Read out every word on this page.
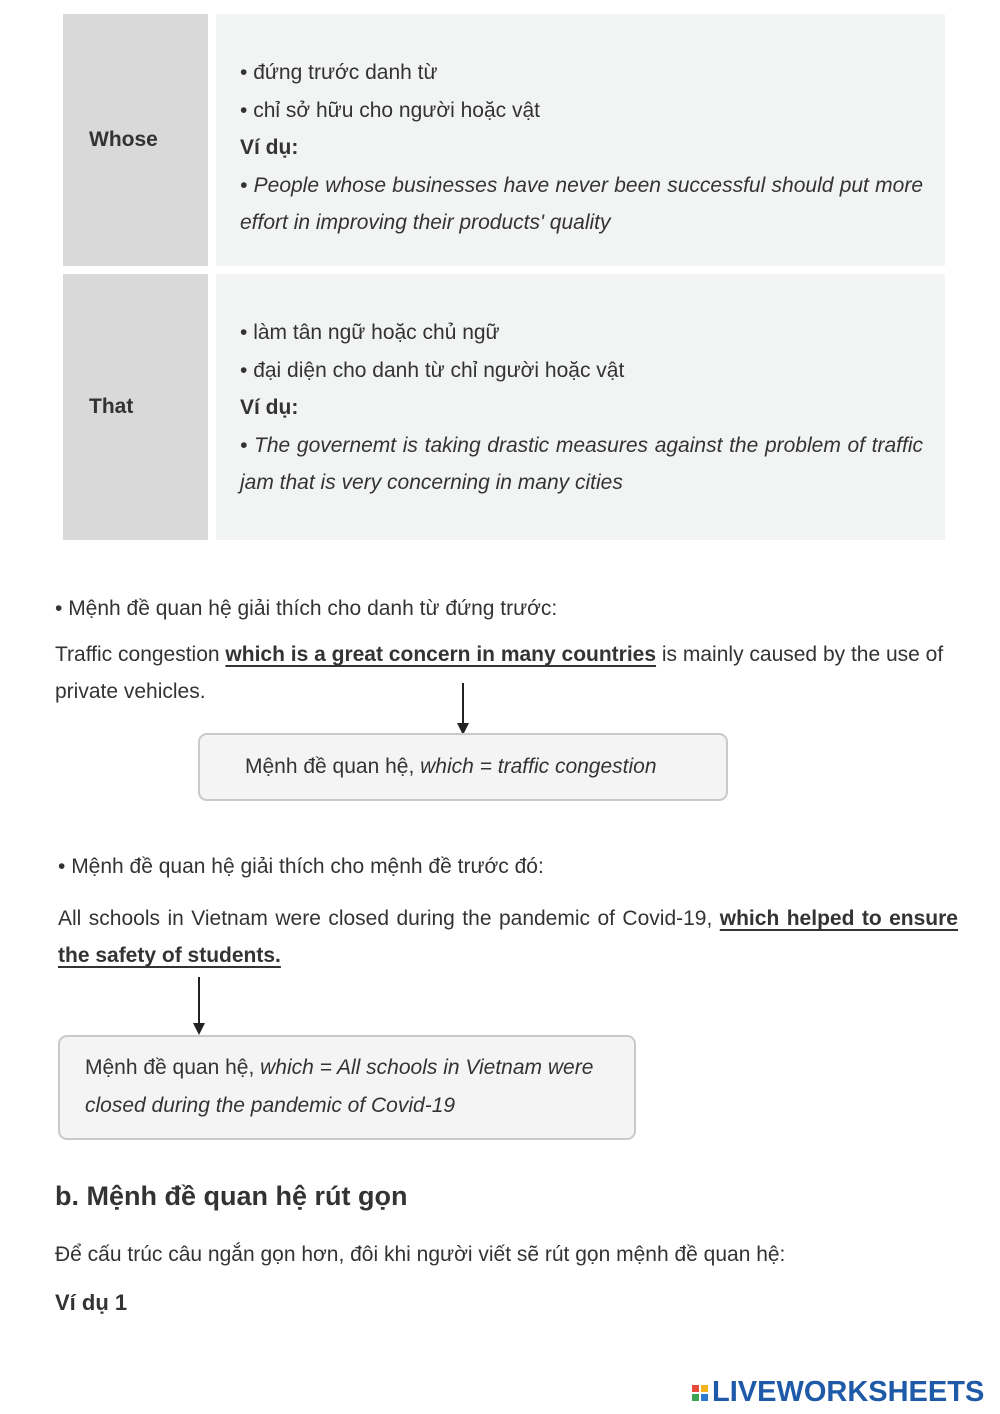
Whose

• đứng trước danh từ

• chỉ sở hữu cho người hoặc vật

Ví dụ:

• People whose businesses have never been successful should put more effort in improving their products' quality

That

• làm tân ngữ hoặc chủ ngữ

• đại diện cho danh từ chỉ người hoặc vật

Ví dụ:

• The governemt is taking drastic measures against the problem of traffic jam that is very concerning in many cities

• Mệnh đề quan hệ giải thích cho danh từ đứng trước:
Traffic congestion which is a great concern in many countries is mainly caused by the use of private vehicles.
Mệnh đề quan hệ, which = traffic congestion
• Mệnh đề quan hệ giải thích cho mệnh đề trước đó:
All schools in Vietnam were closed during the pandemic of Covid-19, which helped to ensure the safety of students.
Mệnh đề quan hệ, which = All schools in Vietnam were closed during the pandemic of Covid-19
b. Mệnh đề quan hệ rút gọn
Để cấu trúc câu ngắn gọn hơn, đôi khi người viết sẽ rút gọn mệnh đề quan hệ:
Ví dụ 1
LIVEWORKSHEETS
